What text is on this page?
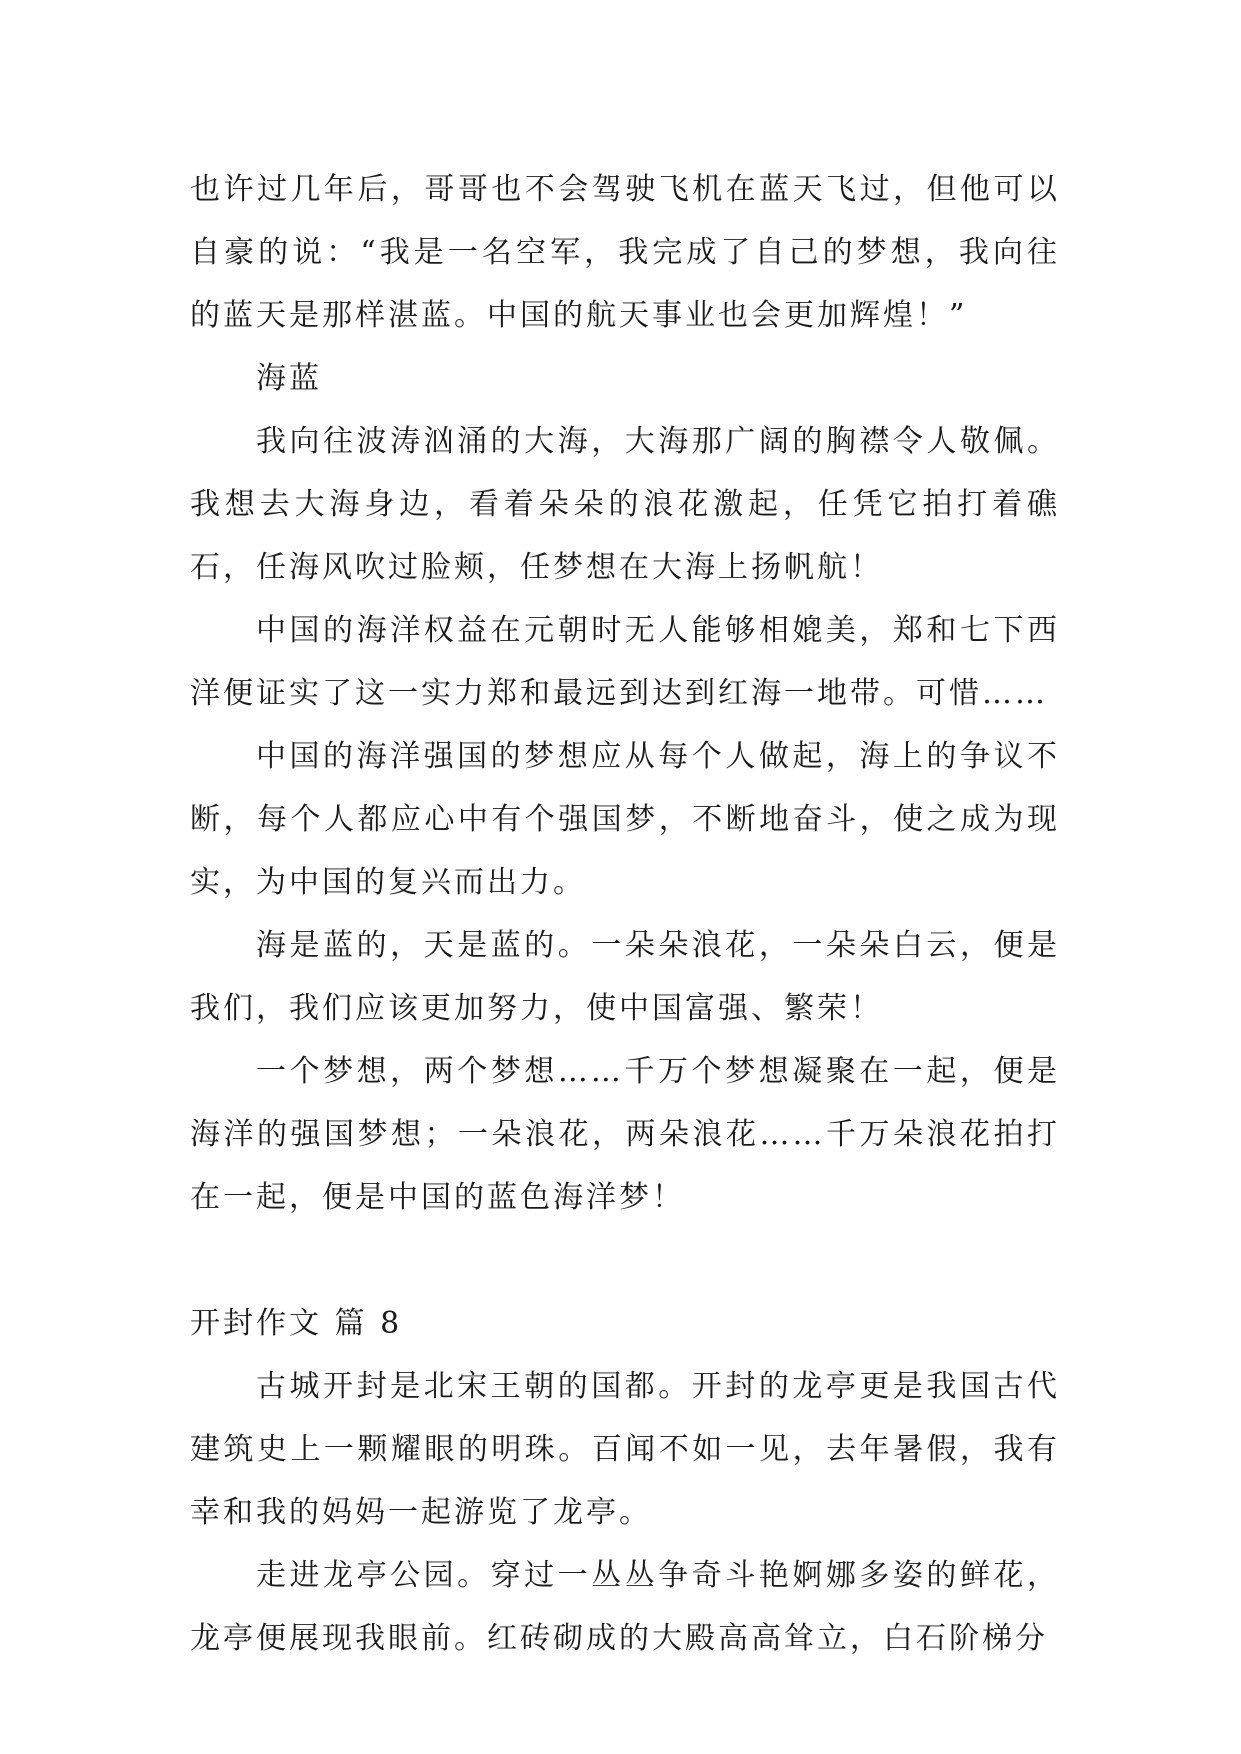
也许过几年后，哥哥也不会驾驶飞机在蓝天飞过，但他可以自豪的说：“我是一名空军，我完成了自己的梦想，我向往的蓝天是那样湛蓝。中国的航天事业也会更加辉煌！”

海蓝

我向往波涛汹涌的大海，大海那广阔的胸襟令人敬佩。我想去大海身边，看着朵朵的浪花激起，任凭它拍打着礁石，任海风吹过脸颊，任梦想在大海上扬帆航！

中国的海洋权益在元朝时无人能够相媲美，郑和七下西洋便证实了这一实力郑和最远到达到红海一地带。可惜……

中国的海洋强国的梦想应从每个人做起，海上的争议不断，每个人都应心中有个强国梦，不断地奋斗，使之成为现实，为中国的复兴而出力。

海是蓝的，天是蓝的。一朵朵浪花，一朵朵白云，便是我们，我们应该更加努力，使中国富强、繁荣！

一个梦想，两个梦想……千万个梦想凝聚在一起，便是海洋的强国梦想；一朵浪花，两朵浪花……千万朵浪花拍打在一起，便是中国的蓝色海洋梦！

开封作文 篇 8

古城开封是北宋王朝的国都。开封的龙亭更是我国古代建筑史上一颗耀眼的明珠。百闻不如一见，去年暑假，我有幸和我的妈妈一起游览了龙亭。

走进龙亭公园。穿过一丛丛争奇斗艳婀娜多姿的鲜花，龙亭便展现我眼前。红砖砌成的大殿高高耸立，白石阶梯分
